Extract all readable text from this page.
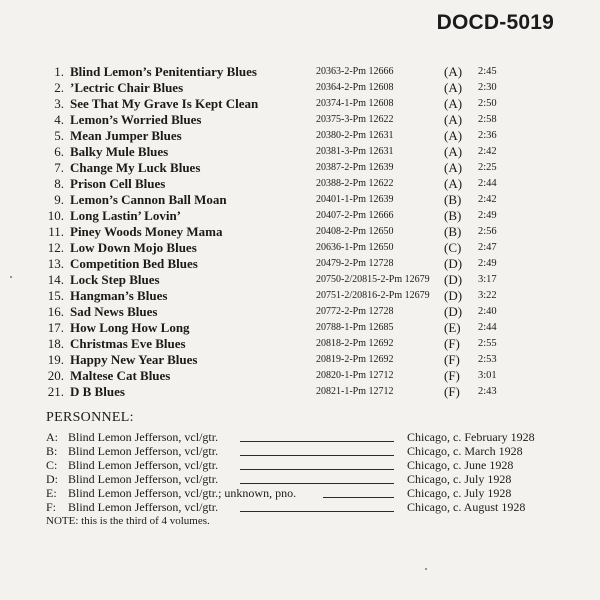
DOCD-5019
1. Blind Lemon’s Penitentiary Blues	20363-2-Pm 12666	(A) 2:45
2. ’Lectric Chair Blues	20364-2-Pm 12608	(A) 2:30
3. See That My Grave Is Kept Clean	20374-1-Pm 12608	(A) 2:50
4. Lemon’s Worried Blues	20375-3-Pm 12622	(A) 2:58
5. Mean Jumper Blues	20380-2-Pm 12631	(A) 2:36
6. Balky Mule Blues	20381-3-Pm 12631	(A) 2:42
7. Change My Luck Blues	20387-2-Pm 12639	(A) 2:25
8. Prison Cell Blues	20388-2-Pm 12622	(A) 2:44
9. Lemon’s Cannon Ball Moan	20401-1-Pm 12639	(B) 2:42
10. Long Lastin’ Lovin’	20407-2-Pm 12666	(B) 2:49
11. Piney Woods Money Mama	20408-2-Pm 12650	(B) 2:56
12. Low Down Mojo Blues	20636-1-Pm 12650	(C) 2:47
13. Competition Bed Blues	20479-2-Pm 12728	(D) 2:49
14. Lock Step Blues	20750-2/20815-2-Pm 12679 (D) 3:17
15. Hangman’s Blues	20751-2/20816-2-Pm 12679 (D) 3:22
16. Sad News Blues	20772-2-Pm 12728	(D) 2:40
17. How Long How Long	20788-1-Pm 12685	(E) 2:44
18. Christmas Eve Blues	20818-2-Pm 12692	(F) 2:55
19. Happy New Year Blues	20819-2-Pm 12692	(F) 2:53
20. Maltese Cat Blues	20820-1-Pm 12712	(F) 3:01
21. D B Blues	20821-1-Pm 12712	(F) 2:43
PERSONNEL:
A: Blind Lemon Jefferson, vcl/gtr.	Chicago, c. February 1928
B: Blind Lemon Jefferson, vcl/gtr.	Chicago, c. March 1928
C: Blind Lemon Jefferson, vcl/gtr.	Chicago, c. June 1928
D: Blind Lemon Jefferson, vcl/gtr.	Chicago, c. July 1928
E: Blind Lemon Jefferson, vcl/gtr.; unknown, pno.	Chicago, c. July 1928
F: Blind Lemon Jefferson, vcl/gtr.	Chicago, c. August 1928
NOTE: this is the third of 4 volumes.
